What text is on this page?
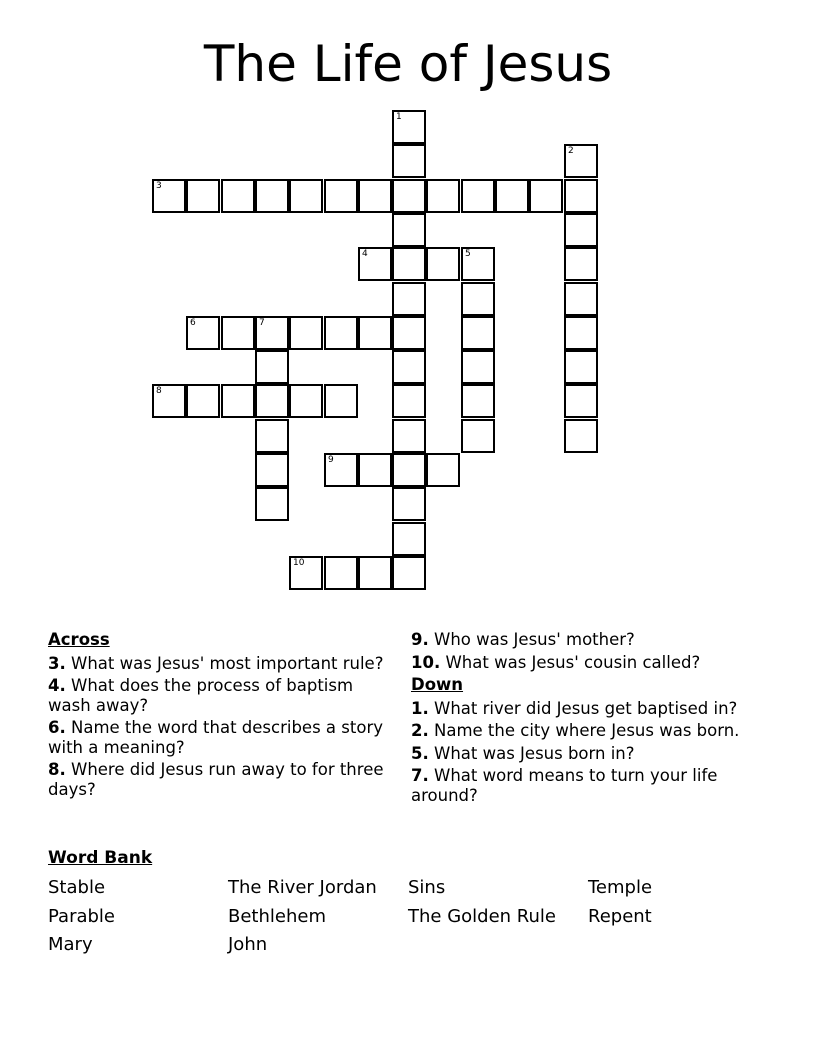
The Life of Jesus
1
2
3
4	5
6	7
8
9
10
Across
3. What was Jesus' most important rule?
4. What does the process of baptism wash away?
6. Name the word that describes a story with a meaning?
8. Where did Jesus run away to for three days?
9. Who was Jesus' mother?
10. What was Jesus' cousin called?
Down
1. What river did Jesus get baptised in?
2. Name the city where Jesus was born.
5. What was Jesus born in?
7. What word means to turn your life around?
Word Bank
Stable	The River Jordan	Sins	Temple
Parable	Bethlehem	The Golden Rule	Repent
Mary	John
